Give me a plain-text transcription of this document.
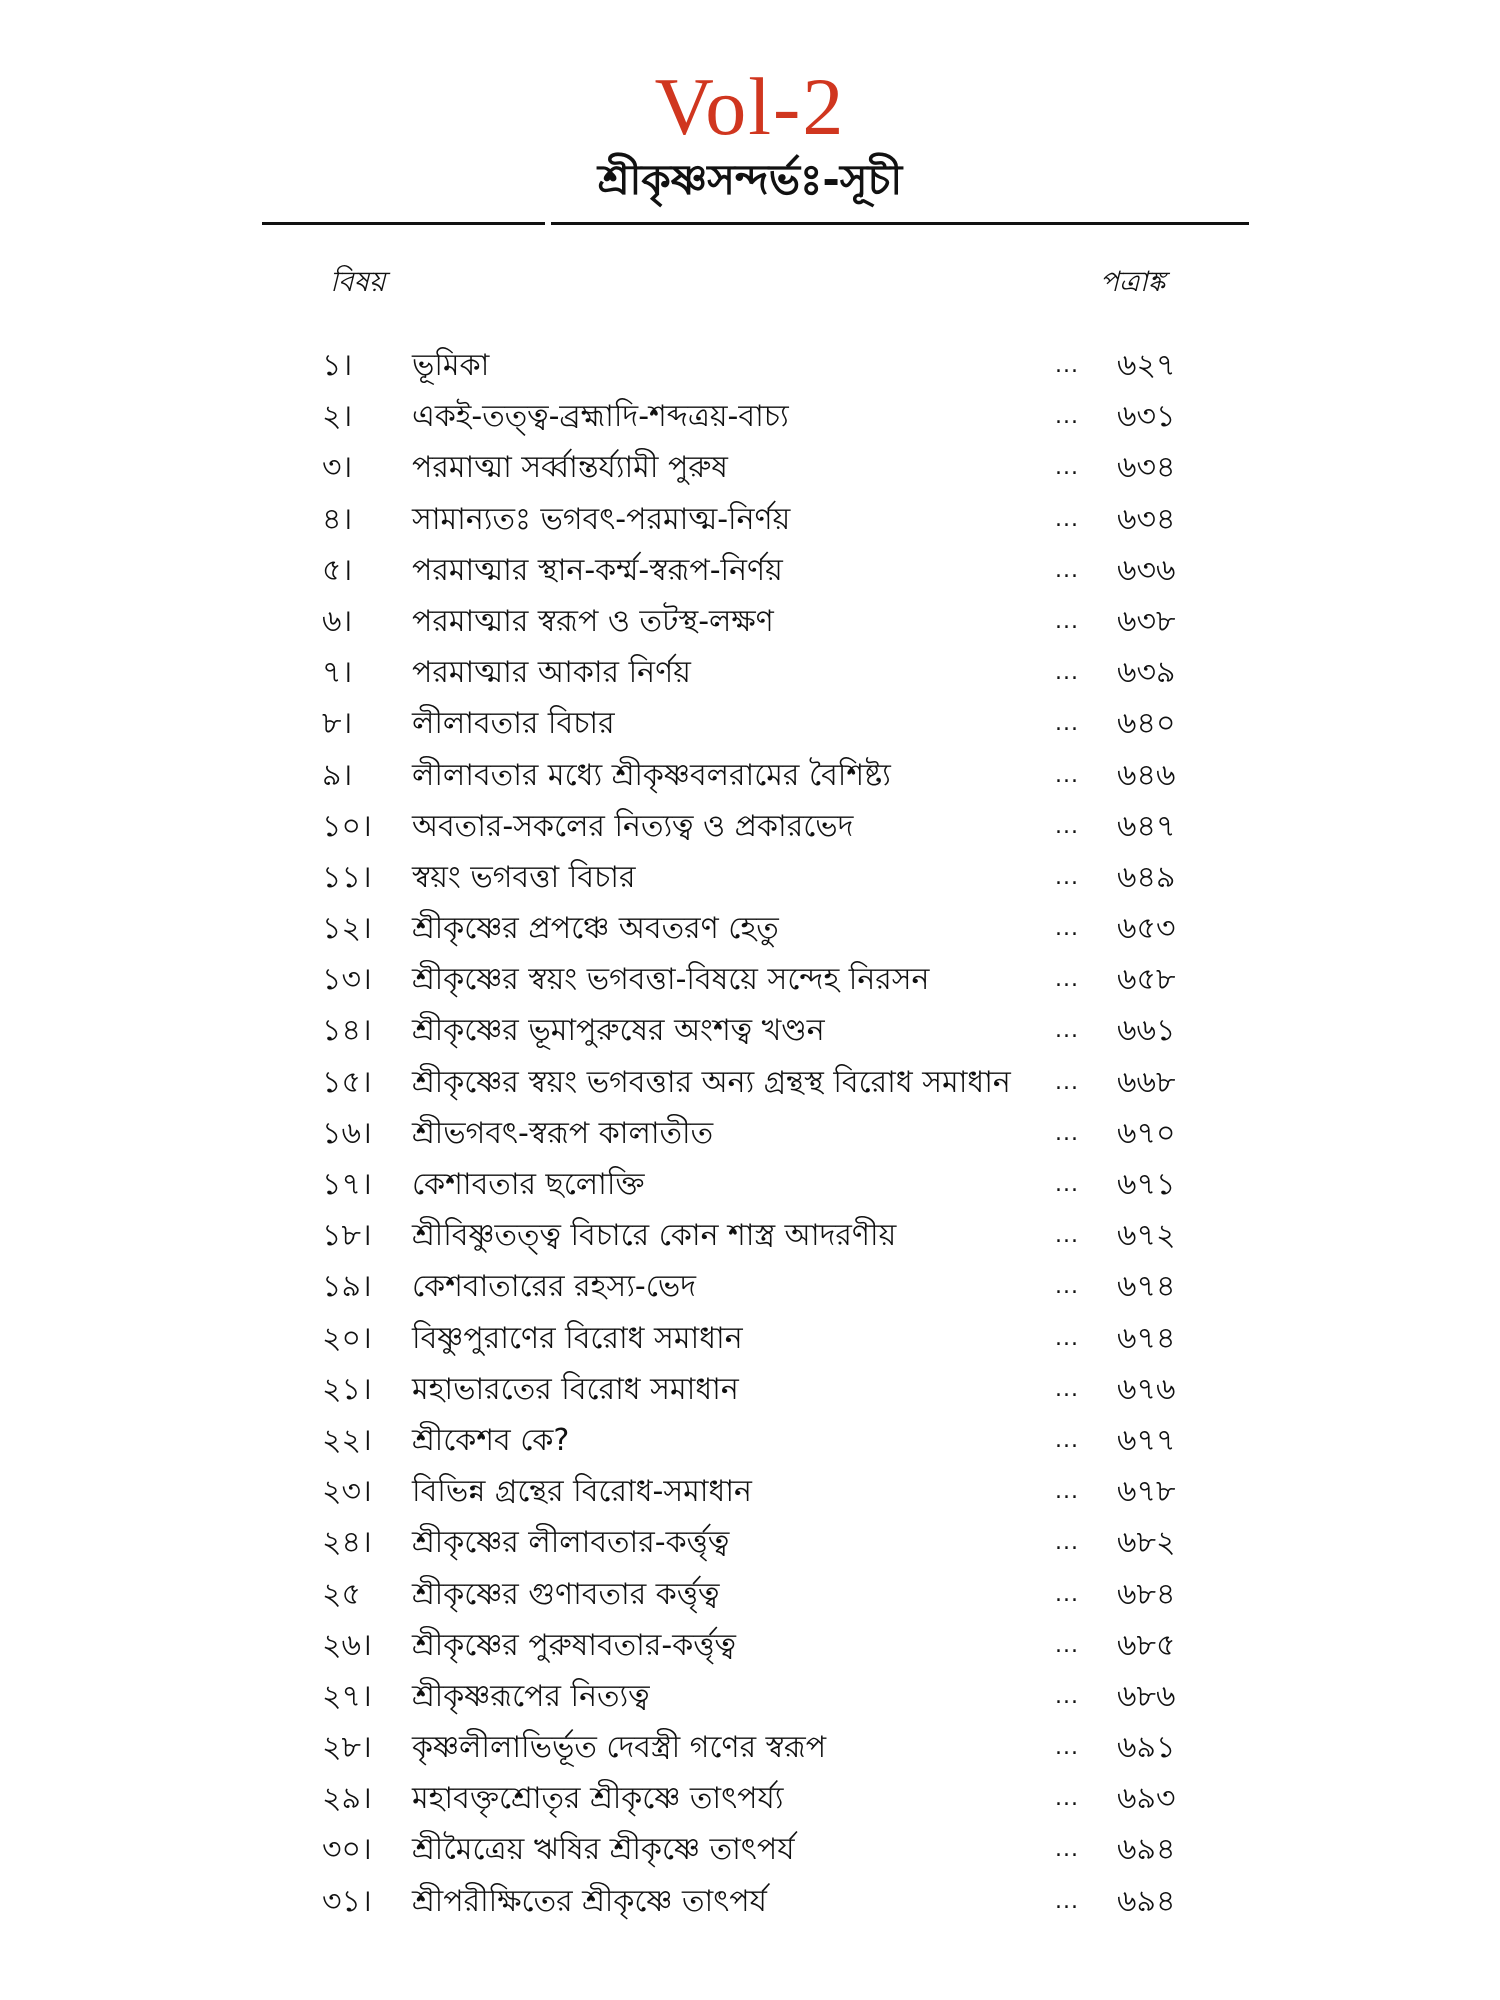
Vol-2
শ্রীকৃষ্ণসন্দর্ভঃ-সূচী
বিষয়	পত্রাঙ্ক
১।	ভূমিকা	... ৬২৭
২।	একই-তত্ত্ব-ব্রহ্মাদি-শব্দত্রয়-বাচ্য	... ৬৩১
৩।	পরমাত্মা সর্ব্বান্তর্য্যামী পুরুষ	... ৬৩৪
৪।	সামান্যতঃ ভগবৎ-পরমাত্ম-নির্ণয়	... ৬৩৪
৫।	পরমাত্মার স্থান-কর্ম্ম-স্বরূপ-নির্ণয়	... ৬৩৬
৬।	পরমাত্মার স্বরূপ ও তটস্থ-লক্ষণ	... ৬৩৮
৭।	পরমাত্মার আকার নির্ণয়	... ৬৩৯
৮।	লীলাবতার বিচার	... ৬৪০
৯।	লীলাবতার মধ্যে শ্রীকৃষ্ণবলরামের বৈশিষ্ট্য	... ৬৪৬
১০।	অবতার-সকলের নিত্যত্ব ও প্রকারভেদ	... ৬৪৭
১১।	স্বয়ং ভগবত্তা বিচার	... ৬৪৯
১২।	শ্রীকৃষ্ণের প্রপঞ্চে অবতরণ হেতু	... ৬৫৩
১৩।	শ্রীকৃষ্ণের স্বয়ং ভগবত্তা-বিষয়ে সন্দেহ নিরসন	... ৬৫৮
১৪।	শ্রীকৃষ্ণের ভূমাপুরুষের অংশত্ব খণ্ডন	... ৬৬১
১৫।	শ্রীকৃষ্ণের স্বয়ং ভগবত্তার অন্য গ্রন্থস্থ বিরোধ সমাধান ... ৬৬৮
১৬।	শ্রীভগবৎ-স্বরূপ কালাতীত	... ৬৭০
১৭।	কেশাবতার ছলোক্তি	... ৬৭১
১৮।	শ্রীবিষ্ণুতত্ত্ব বিচারে কোন শাস্ত্র আদরণীয়	... ৬৭২
১৯।	কেশবাতারের রহস্য-ভেদ	... ৬৭৪
২০।	বিষ্ণুপুরাণের বিরোধ সমাধান	... ৬৭৪
২১।	মহাভারতের বিরোধ সমাধান	... ৬৭৬
২২।	শ্রীকেশব কে?	... ৬৭৭
২৩।	বিভিন্ন গ্রন্থের বিরোধ-সমাধান	... ৬৭৮
২৪।	শ্রীকৃষ্ণের লীলাবতার-কর্ত্তৃত্ব	... ৬৮২
২৫	শ্রীকৃষ্ণের গুণাবতার কর্ত্তৃত্ব	... ৬৮৪
২৬।	শ্রীকৃষ্ণের পুরুষাবতার-কর্ত্তৃত্ব	... ৬৮৫
২৭।	শ্রীকৃষ্ণরূপের নিত্যত্ব	... ৬৮৬
২৮।	কৃষ্ণলীলাভির্ভূত দেবস্ত্রী গণের স্বরূপ	... ৬৯১
২৯।	মহাবক্তৃশ্রোতৃর শ্রীকৃষ্ণে তাৎপর্য্য	... ৬৯৩
৩০।	শ্রীমৈত্রেয় ঋষির শ্রীকৃষ্ণে তাৎপর্য	... ৬৯৪
৩১।	শ্রীপরীক্ষিতের শ্রীকৃষ্ণে তাৎপর্য	... ৬৯৪
